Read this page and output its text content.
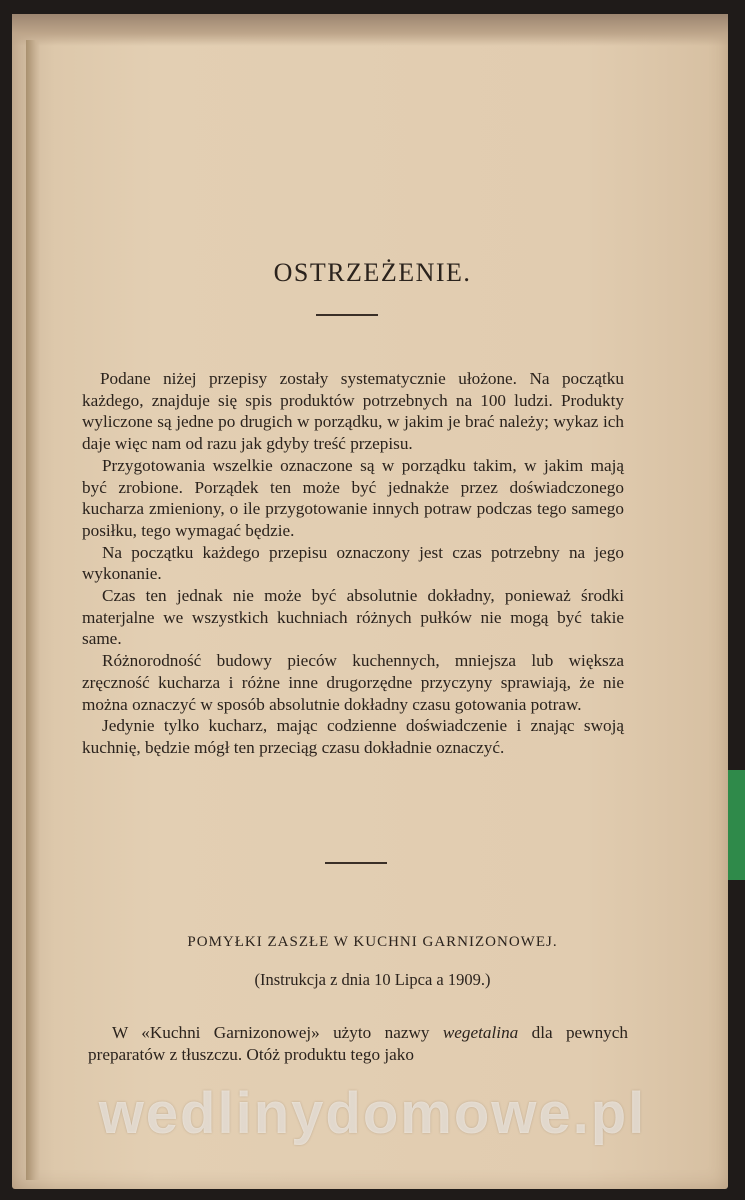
OSTRZEŻENIE.

Podane niżej przepisy zostały systematycznie ułożone. Na początku każdego, znajduje się spis produktów potrzebnych na 100 ludzi. Produkty wyliczone są jedne po drugich w porządku, w jakim je brać należy; wykaz ich daje więc nam od razu jak gdyby treść przepisu.

Przygotowania wszelkie oznaczone są w porządku takim, w jakim mają być zrobione. Porządek ten może być jednakże przez doświadczonego kucharza zmieniony, o ile przygotowanie innych potraw podczas tego samego posiłku, tego wymagać będzie.

Na początku każdego przepisu oznaczony jest czas potrzebny na jego wykonanie.

Czas ten jednak nie może być absolutnie dokładny, ponieważ środki materjalne we wszystkich kuchniach różnych pułków nie mogą być takie same.

Różnorodność budowy pieców kuchennych, mniejsza lub większa zręczność kucharza i różne inne drugorzędne przyczyny sprawiają, że nie można oznaczyć w sposób absolutnie dokładny czasu gotowania potraw.

Jedynie tylko kucharz, mając codzienne doświadczenie i znając swoją kuchnię, będzie mógł ten przeciąg czasu dokładnie oznaczyć.

POMYŁKI ZASZŁE W KUCHNI GARNIZONOWEJ.
(Instrukcja z dnia 10 Lipca a 1909.)

W «Kuchni Garnizonowej» użyto nazwy wegetalina dla pewnych preparatów z tłuszczu. Otóż produktu tego jako

wedlinydomowe.pl
